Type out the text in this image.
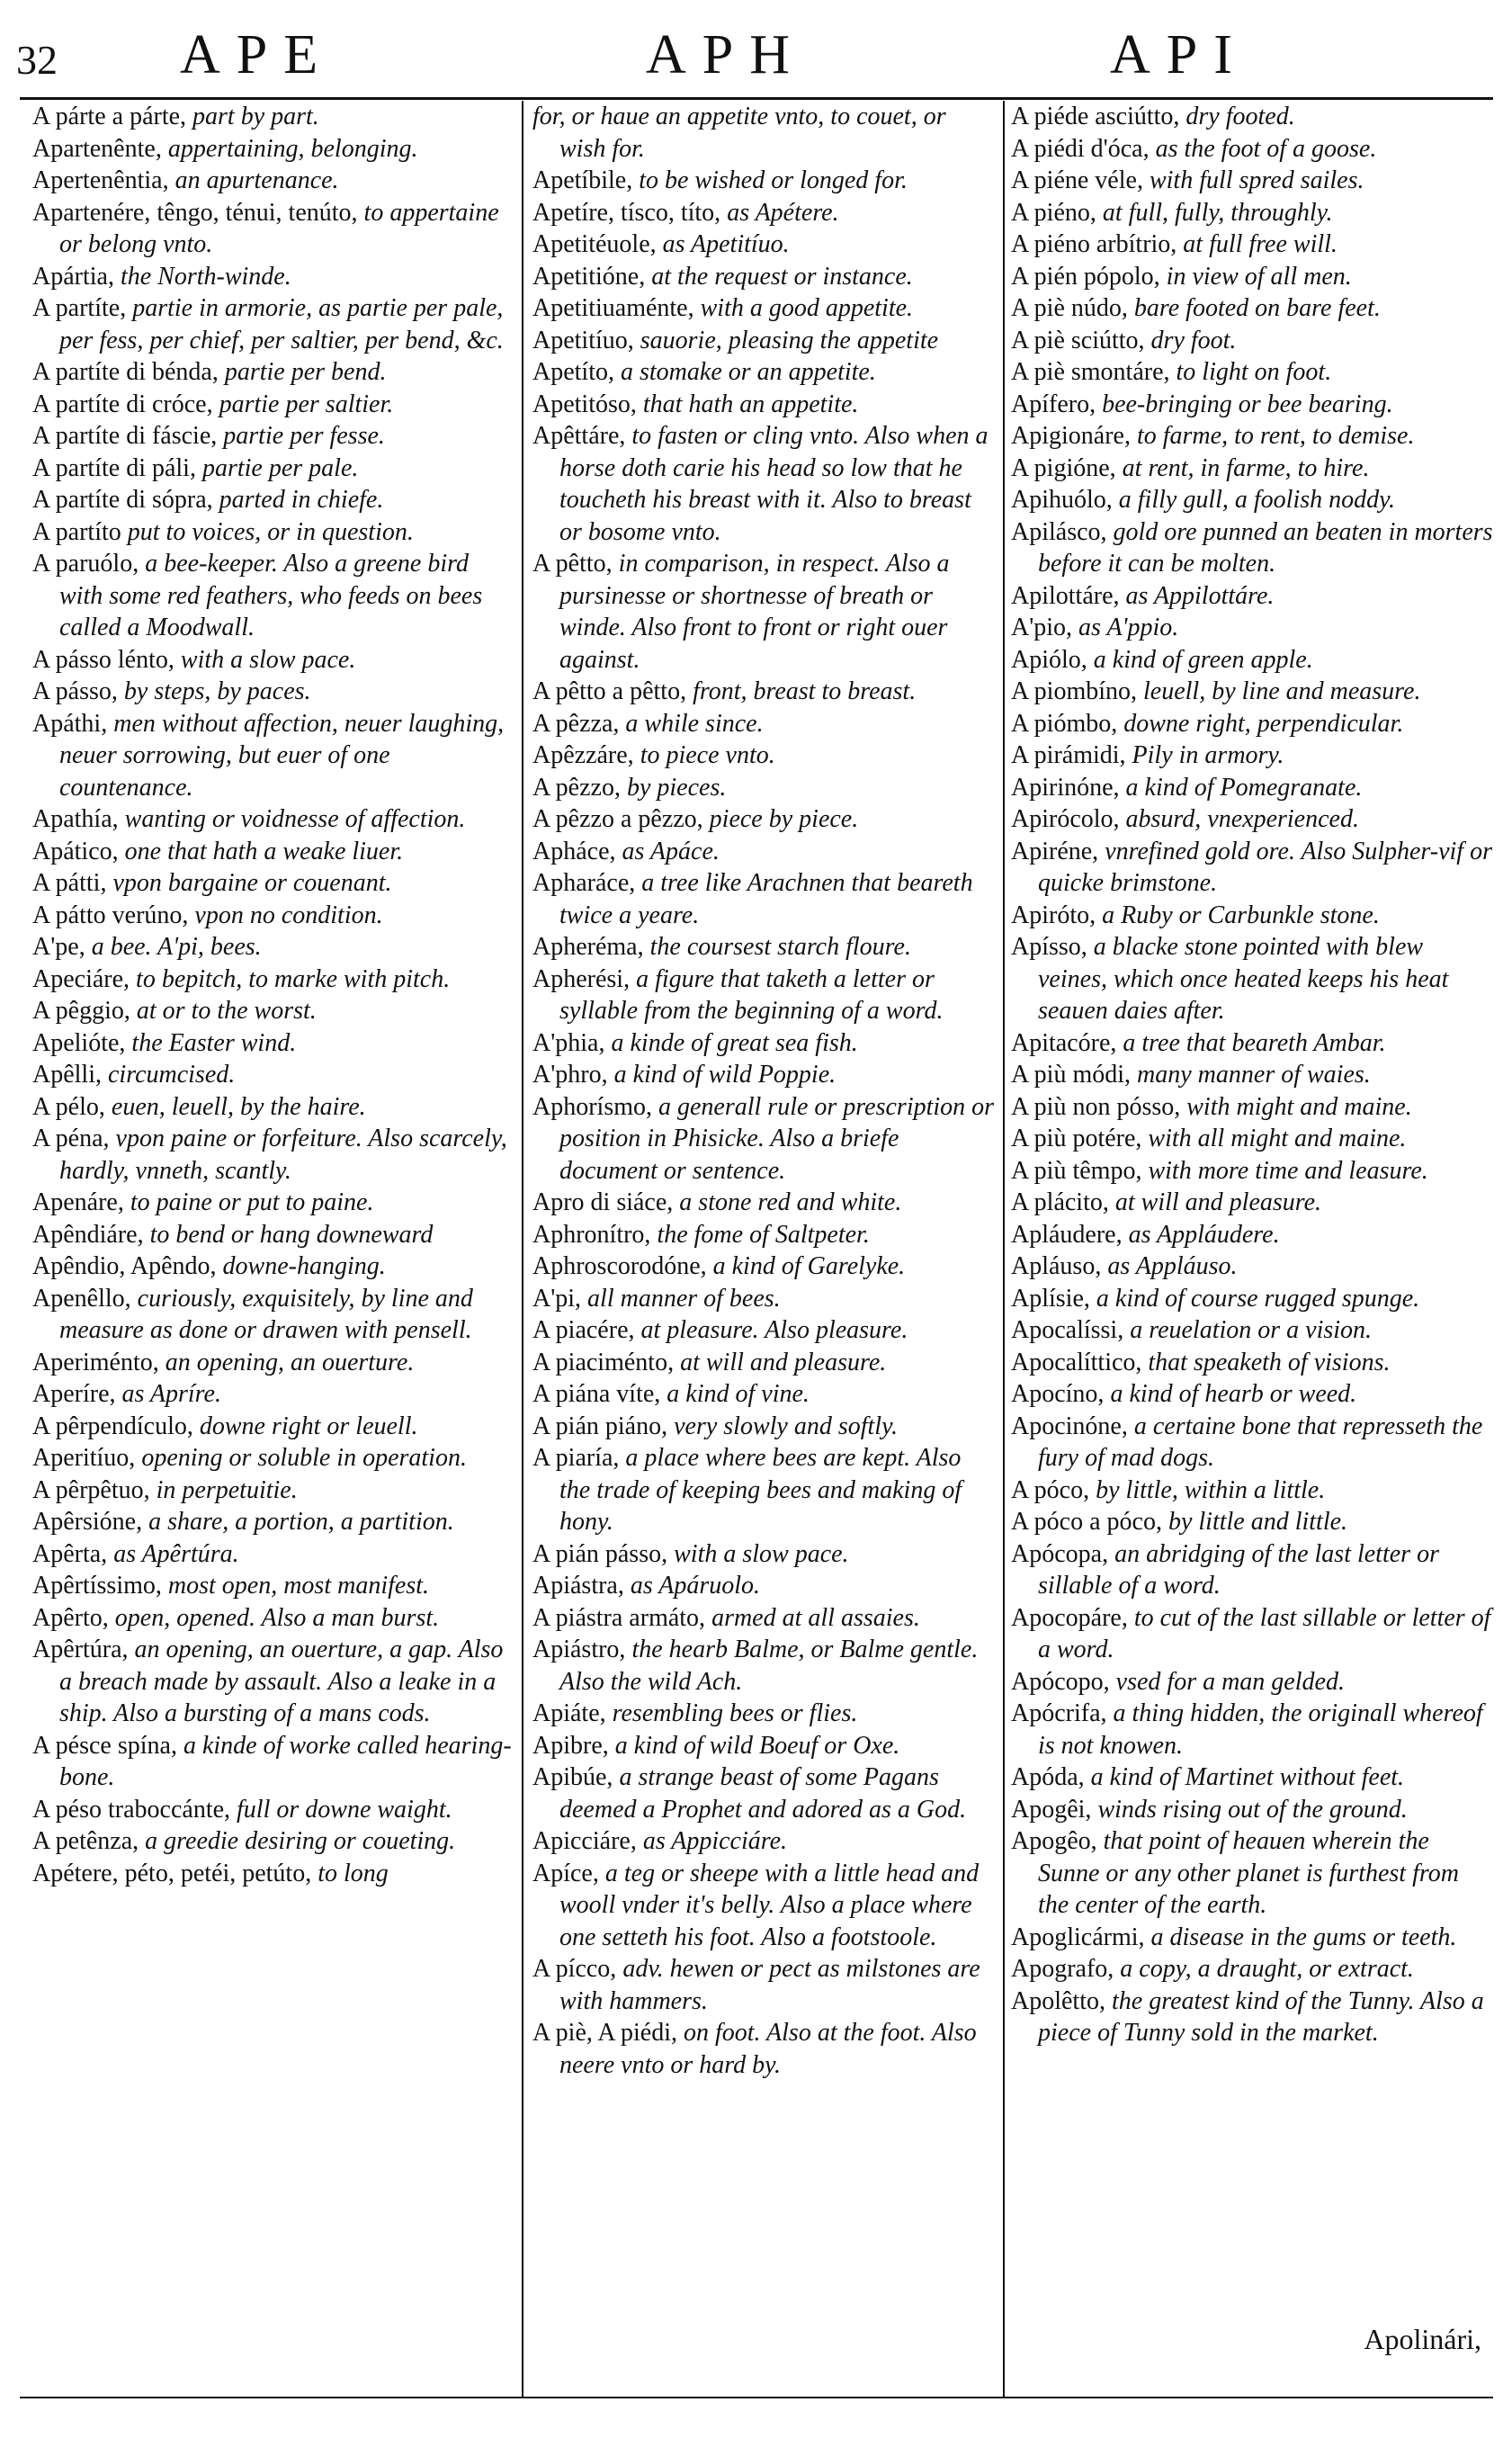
32 APE	APH	API

A párte a párte, part by part.

Apartenênte, appertaining, belonging.

Apertenêntia, an apurtenance.

Apartenére, têngo, ténui, tenúto, to appertaine or belong vnto.

Apártia, the North-winde.

A partíte, partie in armorie, as partie per pale, per fess, per chief, per saltier, per bend, &c.

A partíte di bénda, partie per bend.

A partíte di cróce, partie per saltier.

A partíte di fáscie, partie per fesse.

A partíte di páli, partie per pale.

A partíte di sópra, parted in chiefe.

A partíto put to voices, or in question.

A paruólo, a bee-keeper. Also a greene bird with some red feathers, who feeds on bees called a Moodwall.

A pásso lénto, with a slow pace.

A pásso, by steps, by paces.

Apáthi, men without affection, neuer laughing, neuer sorrowing, but euer of one countenance.

Apathía, wanting or voidnesse of affection.

Apático, one that hath a weake liuer.

A pátti, vpon bargaine or couenant.

A pátto verúno, vpon no condition.

A'pe, a bee. A'pi, bees.

Apeciáre, to bepitch, to marke with pitch.

A pêggio, at or to the worst.

Apelióte, the Easter wind.

Apêlli, circumcised.

A pélo, euen, leuell, by the haire.

A péna, vpon paine or forfeiture. Also scarcely, hardly, vnneth, scantly.

Apenáre, to paine or put to paine.

Apêndiáre, to bend or hang downeward

Apêndio, Apêndo, downe-hanging.

Apenêllo, curiously, exquisitely, by line and measure as done or drawen with pensell.

Aperiménto, an opening, an ouerture.

Aperíre, as Apríre.

A pêrpendículo, downe right or leuell.

Aperitíuo, opening or soluble in operation.

A pêrpêtuo, in perpetuitie.

Apêrsióne, a share, a portion, a partition.

Apêrta, as Apêrtúra.

Apêrtíssimo, most open, most manifest.

Apêrto, open, opened. Also a man burst.

Apêrtúra, an opening, an ouerture, a gap. Also a breach made by assault. Also a leake in a ship. Also a bursting of a mans cods.

A pésce spína, a kinde of worke called hearing-bone.

A péso traboccánte, full or downe waight.

A petênza, a greedie desiring or coueting.

Apétere, péto, petéi, petúto, to long

for, or haue an appetite vnto, to couet, or wish for.

Apetíbile, to be wished or longed for.

Apetíre, tísco, títo, as Apétere.

Apetitéuole, as Apetitíuo.

Apetitióne, at the request or instance.

Apetitiuaménte, with a good appetite.

Apetitíuo, sauorie, pleasing the appetite

Apetíto, a stomake or an appetite.

Apetitóso, that hath an appetite.

Apêttáre, to fasten or cling vnto. Also when a horse doth carie his head so low that he toucheth his breast with it. Also to breast or bosome vnto.

A pêtto, in comparison, in respect. Also a pursinesse or shortnesse of breath or winde. Also front to front or right ouer against.

A pêtto a pêtto, front, breast to breast.

A pêzza, a while since.

Apêzzáre, to piece vnto.

A pêzzo, by pieces.

A pêzzo a pêzzo, piece by piece.

Apháce, as Apáce.

Apharáce, a tree like Arachnen that beareth twice a yeare.

Apheréma, the coursest starch floure.

Apherési, a figure that taketh a letter or syllable from the beginning of a word.

A'phia, a kinde of great sea fish.

A'phro, a kind of wild Poppie.

Aphorísmo, a generall rule or prescription or position in Phisicke. Also a briefe document or sentence.

Apro di siáce, a stone red and white.

Aphronítro, the fome of Saltpeter.

Aphroscorodóne, a kind of Garelyke.

A'pi, all manner of bees.

A piacére, at pleasure. Also pleasure.

A piaciménto, at will and pleasure.

A piána víte, a kind of vine.

A pián piáno, very slowly and softly.

A piaría, a place where bees are kept. Also the trade of keeping bees and making of hony.

A pián pásso, with a slow pace.

Apiástra, as Apáruolo.

A piástra armáto, armed at all assaies.

Apiástro, the hearb Balme, or Balme gentle. Also the wild Ach.

Apiáte, resembling bees or flies.

Apibre, a kind of wild Boeuf or Oxe.

Apibúe, a strange beast of some Pagans deemed a Prophet and adored as a God.

Apicciáre, as Appicciáre.

Apíce, a teg or sheepe with a little head and wooll vnder it's belly. Also a place where one setteth his foot. Also a footstoole.

A pícco, adv. hewen or pect as milstones are with hammers.

A piè, A piédi, on foot. Also at the foot. Also neere vnto or hard by.

A piéde asciútto, dry footed.

A piédi d'óca, as the foot of a goose.

A piéne véle, with full spred sailes.

A piéno, at full, fully, throughly.

A piéno arbítrio, at full free will.

A pién pópolo, in view of all men.

A piè núdo, bare footed on bare feet.

A piè sciútto, dry foot.

A piè smontáre, to light on foot.

Apífero, bee-bringing or bee bearing.

Apigionáre, to farme, to rent, to demise.

A pigióne, at rent, in farme, to hire.

Apihuólo, a filly gull, a foolish noddy.

Apilásco, gold ore punned an beaten in morters before it can be molten.

Apilottáre, as Appilottáre.

A'pio, as A'ppio.

Apiólo, a kind of green apple.

A piombíno, leuell, by line and measure.

A piómbo, downe right, perpendicular.

A pirámidi, Pily in armory.

Apirinóne, a kind of Pomegranate.

Apirócolo, absurd, vnexperienced.

Apiréne, vnrefined gold ore. Also Sulpher-vif or quicke brimstone.

Apiróto, a Ruby or Carbunkle stone.

Apísso, a blacke stone pointed with blew veines, which once heated keeps his heat seauen daies after.

Apitacóre, a tree that beareth Ambar.

A più módi, many manner of waies.

A più non pósso, with might and maine.

A più potére, with all might and maine.

A più têmpo, with more time and leasure.

A plácito, at will and pleasure.

Apláudere, as Appláudere.

Apláuso, as Appláuso.

Aplísie, a kind of course rugged spunge.

Apocalíssi, a reuelation or a vision.

Apocalíttico, that speaketh of visions.

Apocíno, a kind of hearb or weed.

Apocinóne, a certaine bone that represseth the fury of mad dogs.

A póco, by little, within a little.

A póco a póco, by little and little.

Apócopa, an abridging of the last letter or sillable of a word.

Apocopáre, to cut of the last sillable or letter of a word.

Apócopo, vsed for a man gelded.

Apócrifa, a thing hidden, the originall whereof is not knowen.

Apóda, a kind of Martinet without feet.

Apogêi, winds rising out of the ground.

Apogêo, that point of heauen wherein the Sunne or any other planet is furthest from the center of the earth.

Apoglicármi, a disease in the gums or teeth.

Apografo, a copy, a draught, or extract.

Apolêtto, the greatest kind of the Tunny. Also a piece of Tunny sold in the market.

Apolinári,
